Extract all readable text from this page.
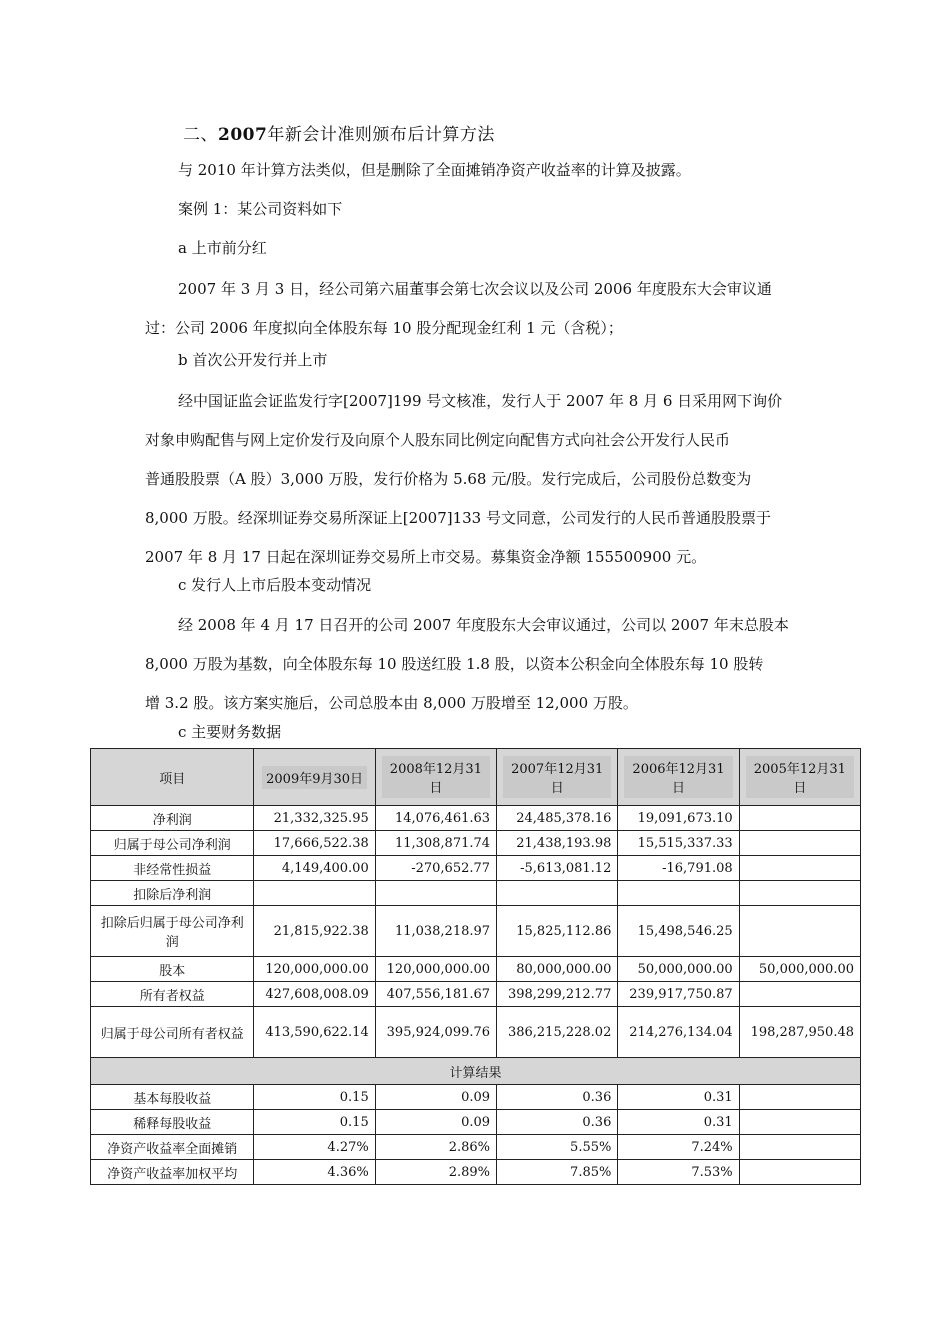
二、2007年新会计准则颁布后计算方法
与 2010 年计算方法类似，但是删除了全面摊销净资产收益率的计算及披露。
案例 1：某公司资料如下
a 上市前分红
2007 年 3 月 3 日，经公司第六届董事会第七次会议以及公司 2006 年度股东大会审议通
过：公司 2006 年度拟向全体股东每 10 股分配现金红利 1 元（含税）；
b 首次公开发行并上市
经中国证监会证监发行字[2007]199 号文核准，发行人于 2007 年 8 月 6 日采用网下询价
对象申购配售与网上定价发行及向原个人股东同比例定向配售方式向社会公开发行人民币
普通股股票（A 股）3,000 万股，发行价格为 5.68 元/股。发行完成后，公司股份总数变为
8,000 万股。经深圳证券交易所深证上[2007]133 号文同意，公司发行的人民币普通股股票于
2007 年 8 月 17 日起在深圳证券交易所上市交易。募集资金净额 155500900 元。
c 发行人上市后股本变动情况
经 2008 年 4 月 17 日召开的公司 2007 年度股东大会审议通过，公司以 2007 年末总股本
8,000 万股为基数，向全体股东每 10 股送红股 1.8 股，以资本公积金向全体股东每 10 股转
增 3.2 股。该方案实施后，公司总股本由 8,000 万股增至 12,000 万股。
c 主要财务数据
项目	2009年9月30日	2008年12月31日	2007年12月31日	2006年12月31日	2005年12月31日
净利润	21,332,325.95	14,076,461.63	24,485,378.16	19,091,673.10	
归属于母公司净利润	17,666,522.38	11,308,871.74	21,438,193.98	15,515,337.33	
非经常性损益	4,149,400.00	-270,652.77	-5,613,081.12	-16,791.08	
扣除后净利润					
扣除后归属于母公司净利润	21,815,922.38	11,038,218.97	15,825,112.86	15,498,546.25	
股本	120,000,000.00	120,000,000.00	80,000,000.00	50,000,000.00	50,000,000.00
所有者权益	427,608,008.09	407,556,181.67	398,299,212.77	239,917,750.87	
归属于母公司所有者权益	413,590,622.14	395,924,099.76	386,215,228.02	214,276,134.04	198,287,950.48
计算结果					
基本每股收益	0.15	0.09	0.36	0.31	
稀释每股收益	0.15	0.09	0.36	0.31	
净资产收益率全面摊销	4.27%	2.86%	5.55%	7.24%	
净资产收益率加权平均	4.36%	2.89%	7.85%	7.53%	
